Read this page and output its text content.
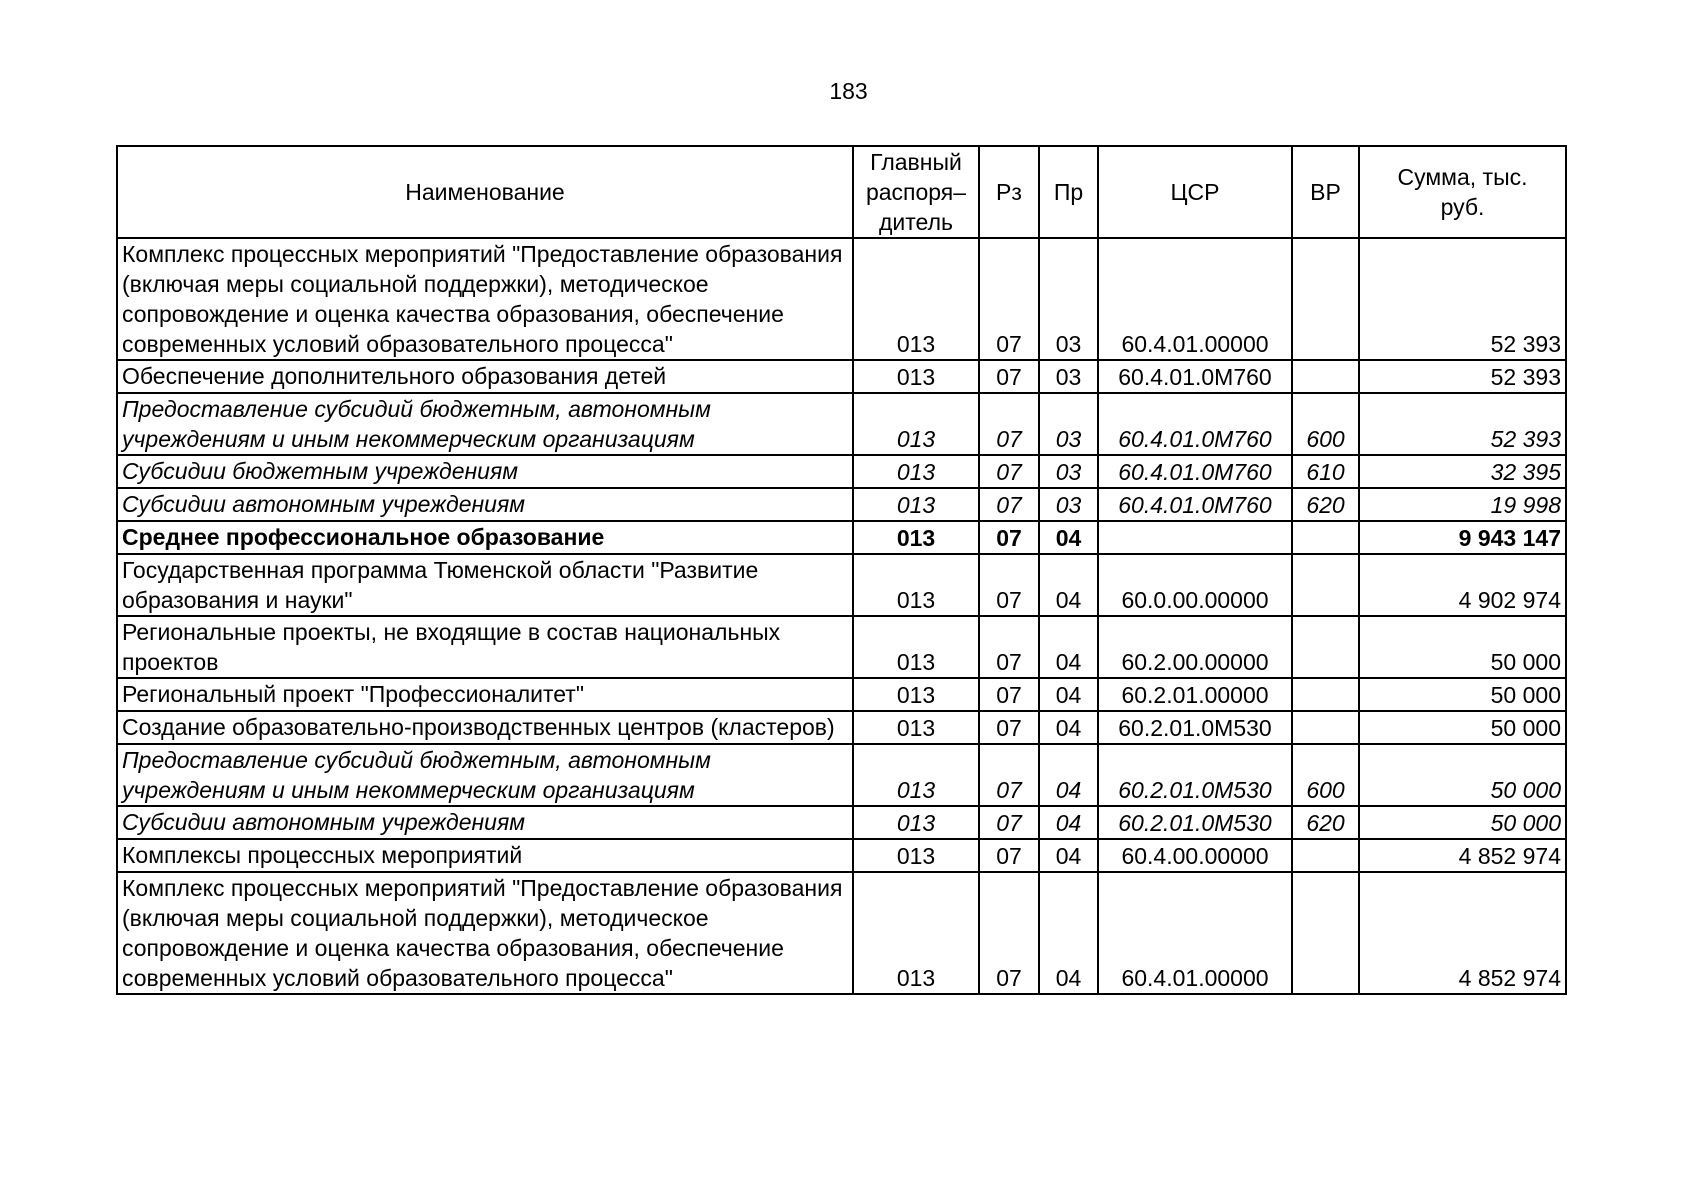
183
Наименование	Главный распоря–дитель	Рз	Пр	ЦСР	ВР	Сумма, тыс. руб.
Комплекс процессных мероприятий "Предоставление образования (включая меры социальной поддержки), методическое сопровождение и оценка качества образования, обеспечение современных условий образовательного процесса"	013	07	03	60.4.01.00000		52 393
Обеспечение дополнительного образования детей	013	07	03	60.4.01.0М760		52 393
Предоставление субсидий бюджетным, автономным учреждениям и иным некоммерческим организациям	013	07	03	60.4.01.0М760	600	52 393
Субсидии бюджетным учреждениям	013	07	03	60.4.01.0М760	610	32 395
Субсидии автономным учреждениям	013	07	03	60.4.01.0М760	620	19 998
Среднее профессиональное образование	013	07	04			9 943 147
Государственная программа Тюменской области "Развитие образования и науки"	013	07	04	60.0.00.00000		4 902 974
Региональные проекты, не входящие в состав национальных проектов	013	07	04	60.2.00.00000		50 000
Региональный проект "Профессионалитет"	013	07	04	60.2.01.00000		50 000
Создание образовательно-производственных центров (кластеров)	013	07	04	60.2.01.0М530		50 000
Предоставление субсидий бюджетным, автономным учреждениям и иным некоммерческим организациям	013	07	04	60.2.01.0М530	600	50 000
Субсидии автономным учреждениям	013	07	04	60.2.01.0М530	620	50 000
Комплексы процессных мероприятий	013	07	04	60.4.00.00000		4 852 974
Комплекс процессных мероприятий "Предоставление образования (включая меры социальной поддержки), методическое сопровождение и оценка качества образования, обеспечение современных условий образовательного процесса"	013	07	04	60.4.01.00000		4 852 974
